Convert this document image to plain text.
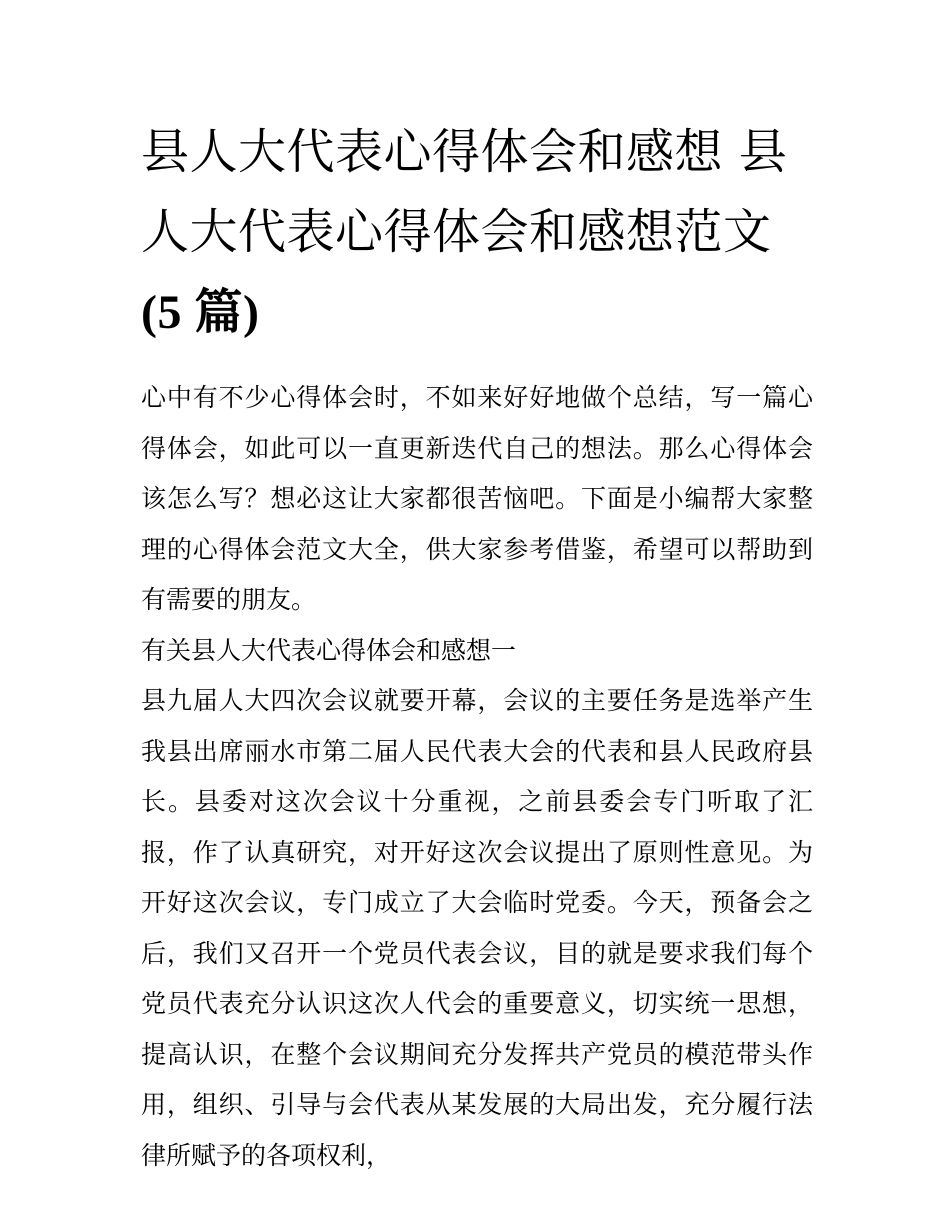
县人大代表心得体会和感想 县人大代表心得体会和感想范文
(5 篇)

心中有不少心得体会时，不如来好好地做个总结，写一篇心得体会，如此可以一直更新迭代自己的想法。那么心得体会该怎么写？想必这让大家都很苦恼吧。下面是小编帮大家整理的心得体会范文大全，供大家参考借鉴，希望可以帮助到有需要的朋友。

有关县人大代表心得体会和感想一

县九届人大四次会议就要开幕，会议的主要任务是选举产生我县出席丽水市第二届人民代表大会的代表和县人民政府县长。县委对这次会议十分重视，之前县委会专门听取了汇报，作了认真研究，对开好这次会议提出了原则性意见。为开好这次会议，专门成立了大会临时党委。今天，预备会之后，我们又召开一个党员代表会议，目的就是要求我们每个党员代表充分认识这次人代会的重要意义，切实统一思想，提高认识，在整个会议期间充分发挥共产党员的模范带头作用，组织、引导与会代表从某发展的大局出发，充分履行法律所赋予的各项权利，
